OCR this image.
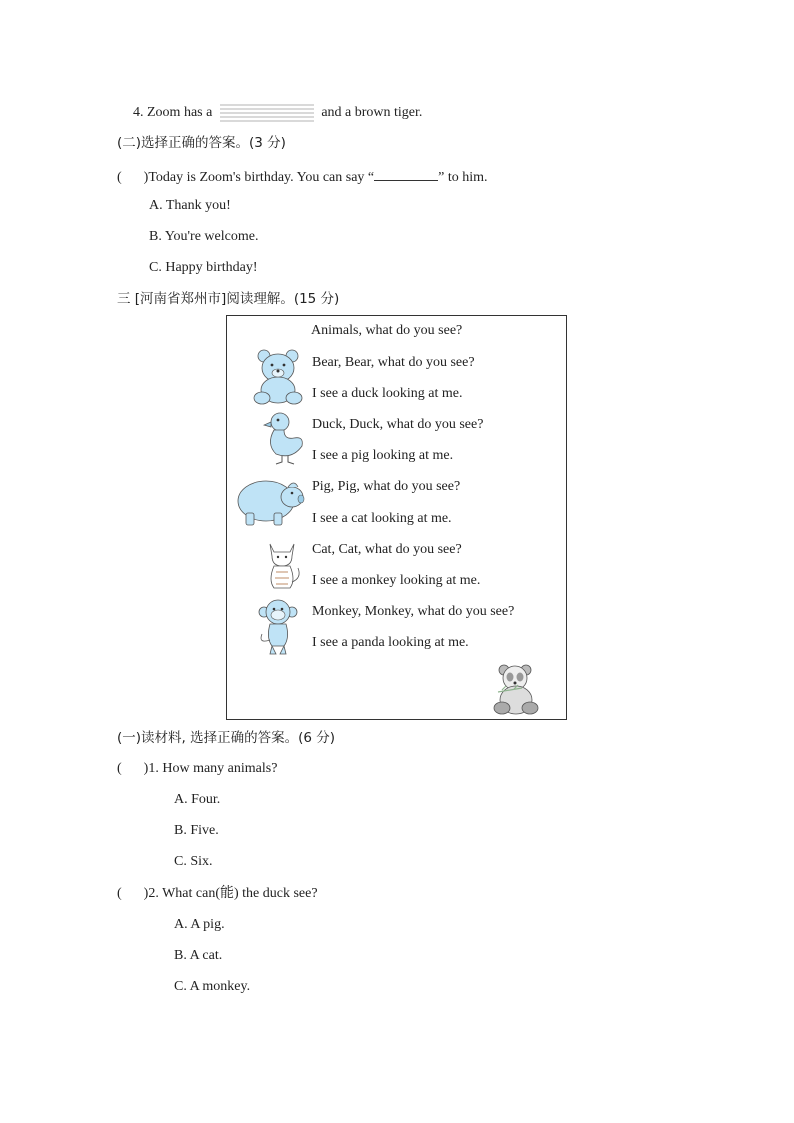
4. Zoom has a	and a brown tiger.
(二)选择正确的答案。(3 分)
( )Today is Zoom's birthday. You can say “	” to him.
A. Thank you!
B. You're welcome.
C. Happy birthday!
三 [河南省郑州市]阅读理解。(15 分)
Animals, what do you see?
Bear, Bear, what do you see?
I see a duck looking at me.
Duck, Duck, what do you see?
I see a pig looking at me.
Pig, Pig, what do you see?
I see a cat looking at me.
Cat, Cat, what do you see?
I see a monkey looking at me.
Monkey, Monkey, what do you see?
I see a panda looking at me.
(一)读材料, 选择正确的答案。(6 分)
( )1. How many animals?
A. Four.
B. Five.
C. Six.
( )2. What can(能) the duck see?
A. A pig.
B. A cat.
C. A monkey.
